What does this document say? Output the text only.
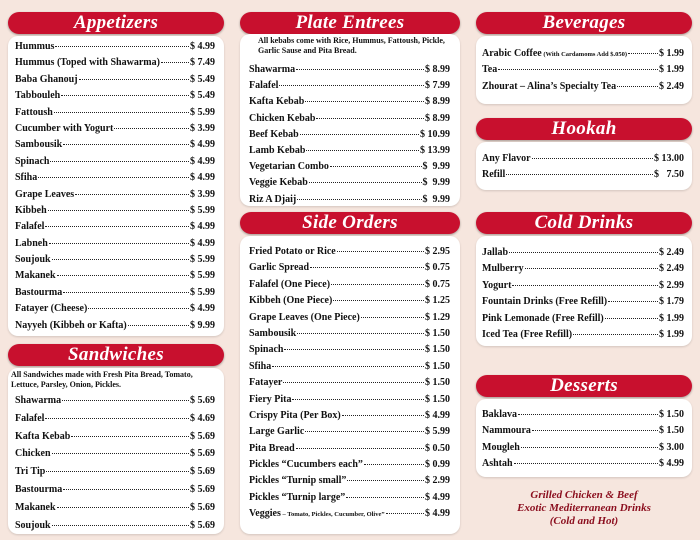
Appetizers
Hummus	$ 4.99
Hummus (Toped with Shawarma)	$ 7.49
Baba Ghanouj	$ 5.49
Tabbouleh	$ 5.49
Fattoush	$ 5.99
Cucumber with Yogurt	$ 3.99
Sambousik	$ 4.99
Spinach	$ 4.99
Sfiha	$ 4.99
Grape Leaves	$ 3.99
Kibbeh	$ 5.99
Falafel	$ 4.99
Labneh	$ 4.99
Soujouk	$ 5.99
Makanek	$ 5.99
Bastourma	$ 5.99
Fatayer (Cheese)	$ 4.99
Nayyeh (Kibbeh or Kafta)	$ 9.99
Sandwiches
All Sandwiches made with Fresh Pita Bread, Tomato, Lettuce, Parsley, Onion, Pickles.
Shawarma	$ 5.69
Falafel	$ 4.69
Kafta Kebab	$ 5.69
Chicken	$ 5.69
Tri Tip	$ 5.69
Bastourma	$ 5.69
Makanek	$ 5.69
Soujouk	$ 5.69
Plate Entrees
All kebabs come with Rice, Hummus, Fattoush, Pickle, Garlic Sause and Pita Bread.
Shawarma	$ 8.99
Falafel	$ 7.99
Kafta Kebab	$ 8.99
Chicken Kebab	$ 8.99
Beef Kebab	$ 10.99
Lamb Kebab	$ 13.99
Vegetarian Combo	$  9.99
Veggie Kebab	$  9.99
Riz A Djaij	$  9.99
Side Orders
Fried Potato or Rice	$ 2.95
Garlic Spread	$ 0.75
Falafel (One Piece)	$ 0.75
Kibbeh (One Piece)	$ 1.25
Grape Leaves (One Piece)	$ 1.29
Sambousik	$ 1.50
Spinach	$ 1.50
Sfiha	$ 1.50
Fatayer	$ 1.50
Fiery Pita	$ 1.50
Crispy Pita (Per Box)	$ 4.99
Large Garlic	$ 5.99
Pita Bread	$ 0.50
Pickles “Cucumbers each”	$ 0.99
Pickles “Turnip small”	$ 2.99
Pickles “Turnip large”	$ 4.99
Veggies – Tomato, Pickles, Cucumber, Olive”	$ 4.99
Beverages
Arabic Coffee (With Cardamoms Add $.050)	$ 1.99
Tea	$ 1.99
Zhourat – Alina’s Specialty Tea	$ 2.49
Hookah
Any Flavor	$ 13.00
Refill	$   7.50
Cold Drinks
Jallab	$ 2.49
Mulberry	$ 2.49
Yogurt	$ 2.99
Fountain Drinks (Free Refill)	$ 1.79
Pink Lemonade (Free Refill)	$ 1.99
Iced Tea (Free Refill)	$ 1.99
Desserts
Baklava	$ 1.50
Nammoura	$ 1.50
Mougleh	$ 3.00
Ashtah	$ 4.99
Grilled Chicken & Beef
Exotic Mediterranean Drinks
(Cold and Hot)
